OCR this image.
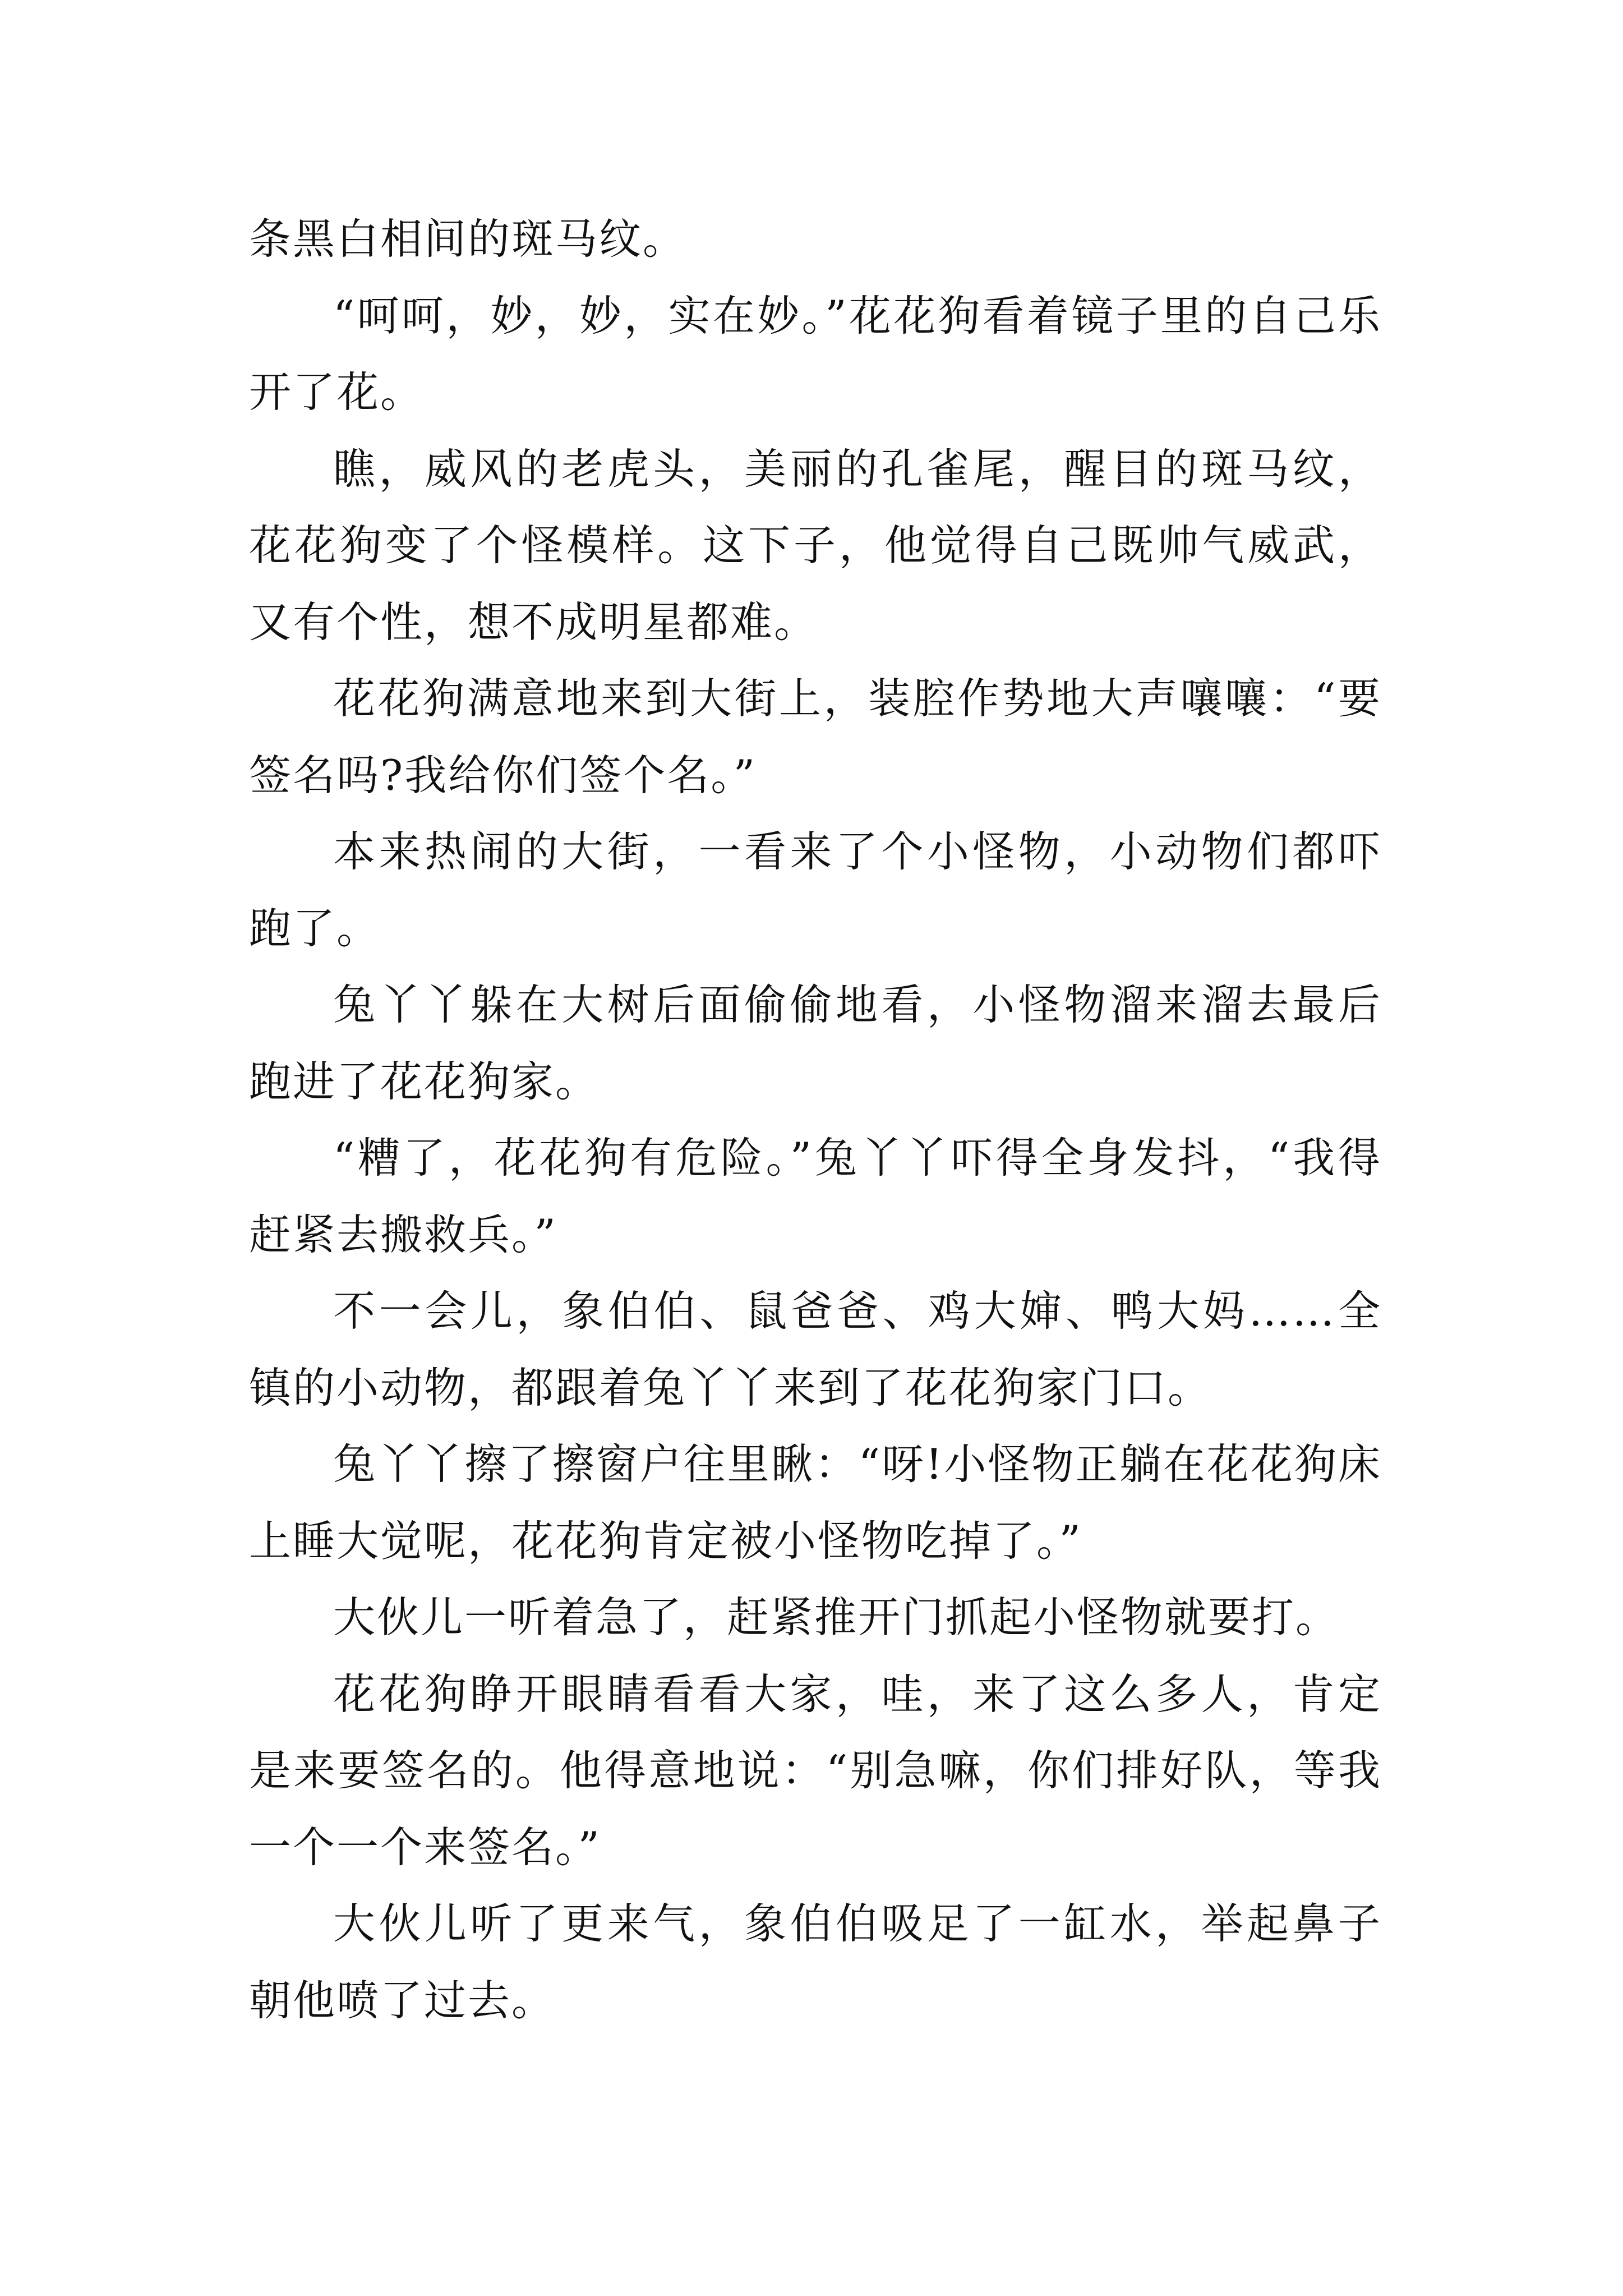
条黑白相间的斑马纹。

“呵呵，妙，妙，实在妙。”花花狗看着镜子里的自己乐开了花。

瞧，威风的老虎头，美丽的孔雀尾，醒目的斑马纹，花花狗变了个怪模样。这下子，他觉得自己既帅气威武，又有个性，想不成明星都难。

花花狗满意地来到大街上，装腔作势地大声嚷嚷：“要签名吗?我给你们签个名。”

本来热闹的大街，一看来了个小怪物，小动物们都吓跑了。

兔丫丫躲在大树后面偷偷地看，小怪物溜来溜去最后跑进了花花狗家。

“糟了，花花狗有危险。”兔丫丫吓得全身发抖，“我得赶紧去搬救兵。”

不一会儿，象伯伯、鼠爸爸、鸡大婶、鸭大妈……全镇的小动物，都跟着兔丫丫来到了花花狗家门口。

兔丫丫擦了擦窗户往里瞅：“呀!小怪物正躺在花花狗床上睡大觉呢，花花狗肯定被小怪物吃掉了。”

大伙儿一听着急了，赶紧推开门抓起小怪物就要打。

花花狗睁开眼睛看看大家，哇，来了这么多人，肯定是来要签名的。他得意地说：“别急嘛，你们排好队，等我一个一个来签名。”

大伙儿听了更来气，象伯伯吸足了一缸水，举起鼻子朝他喷了过去。
